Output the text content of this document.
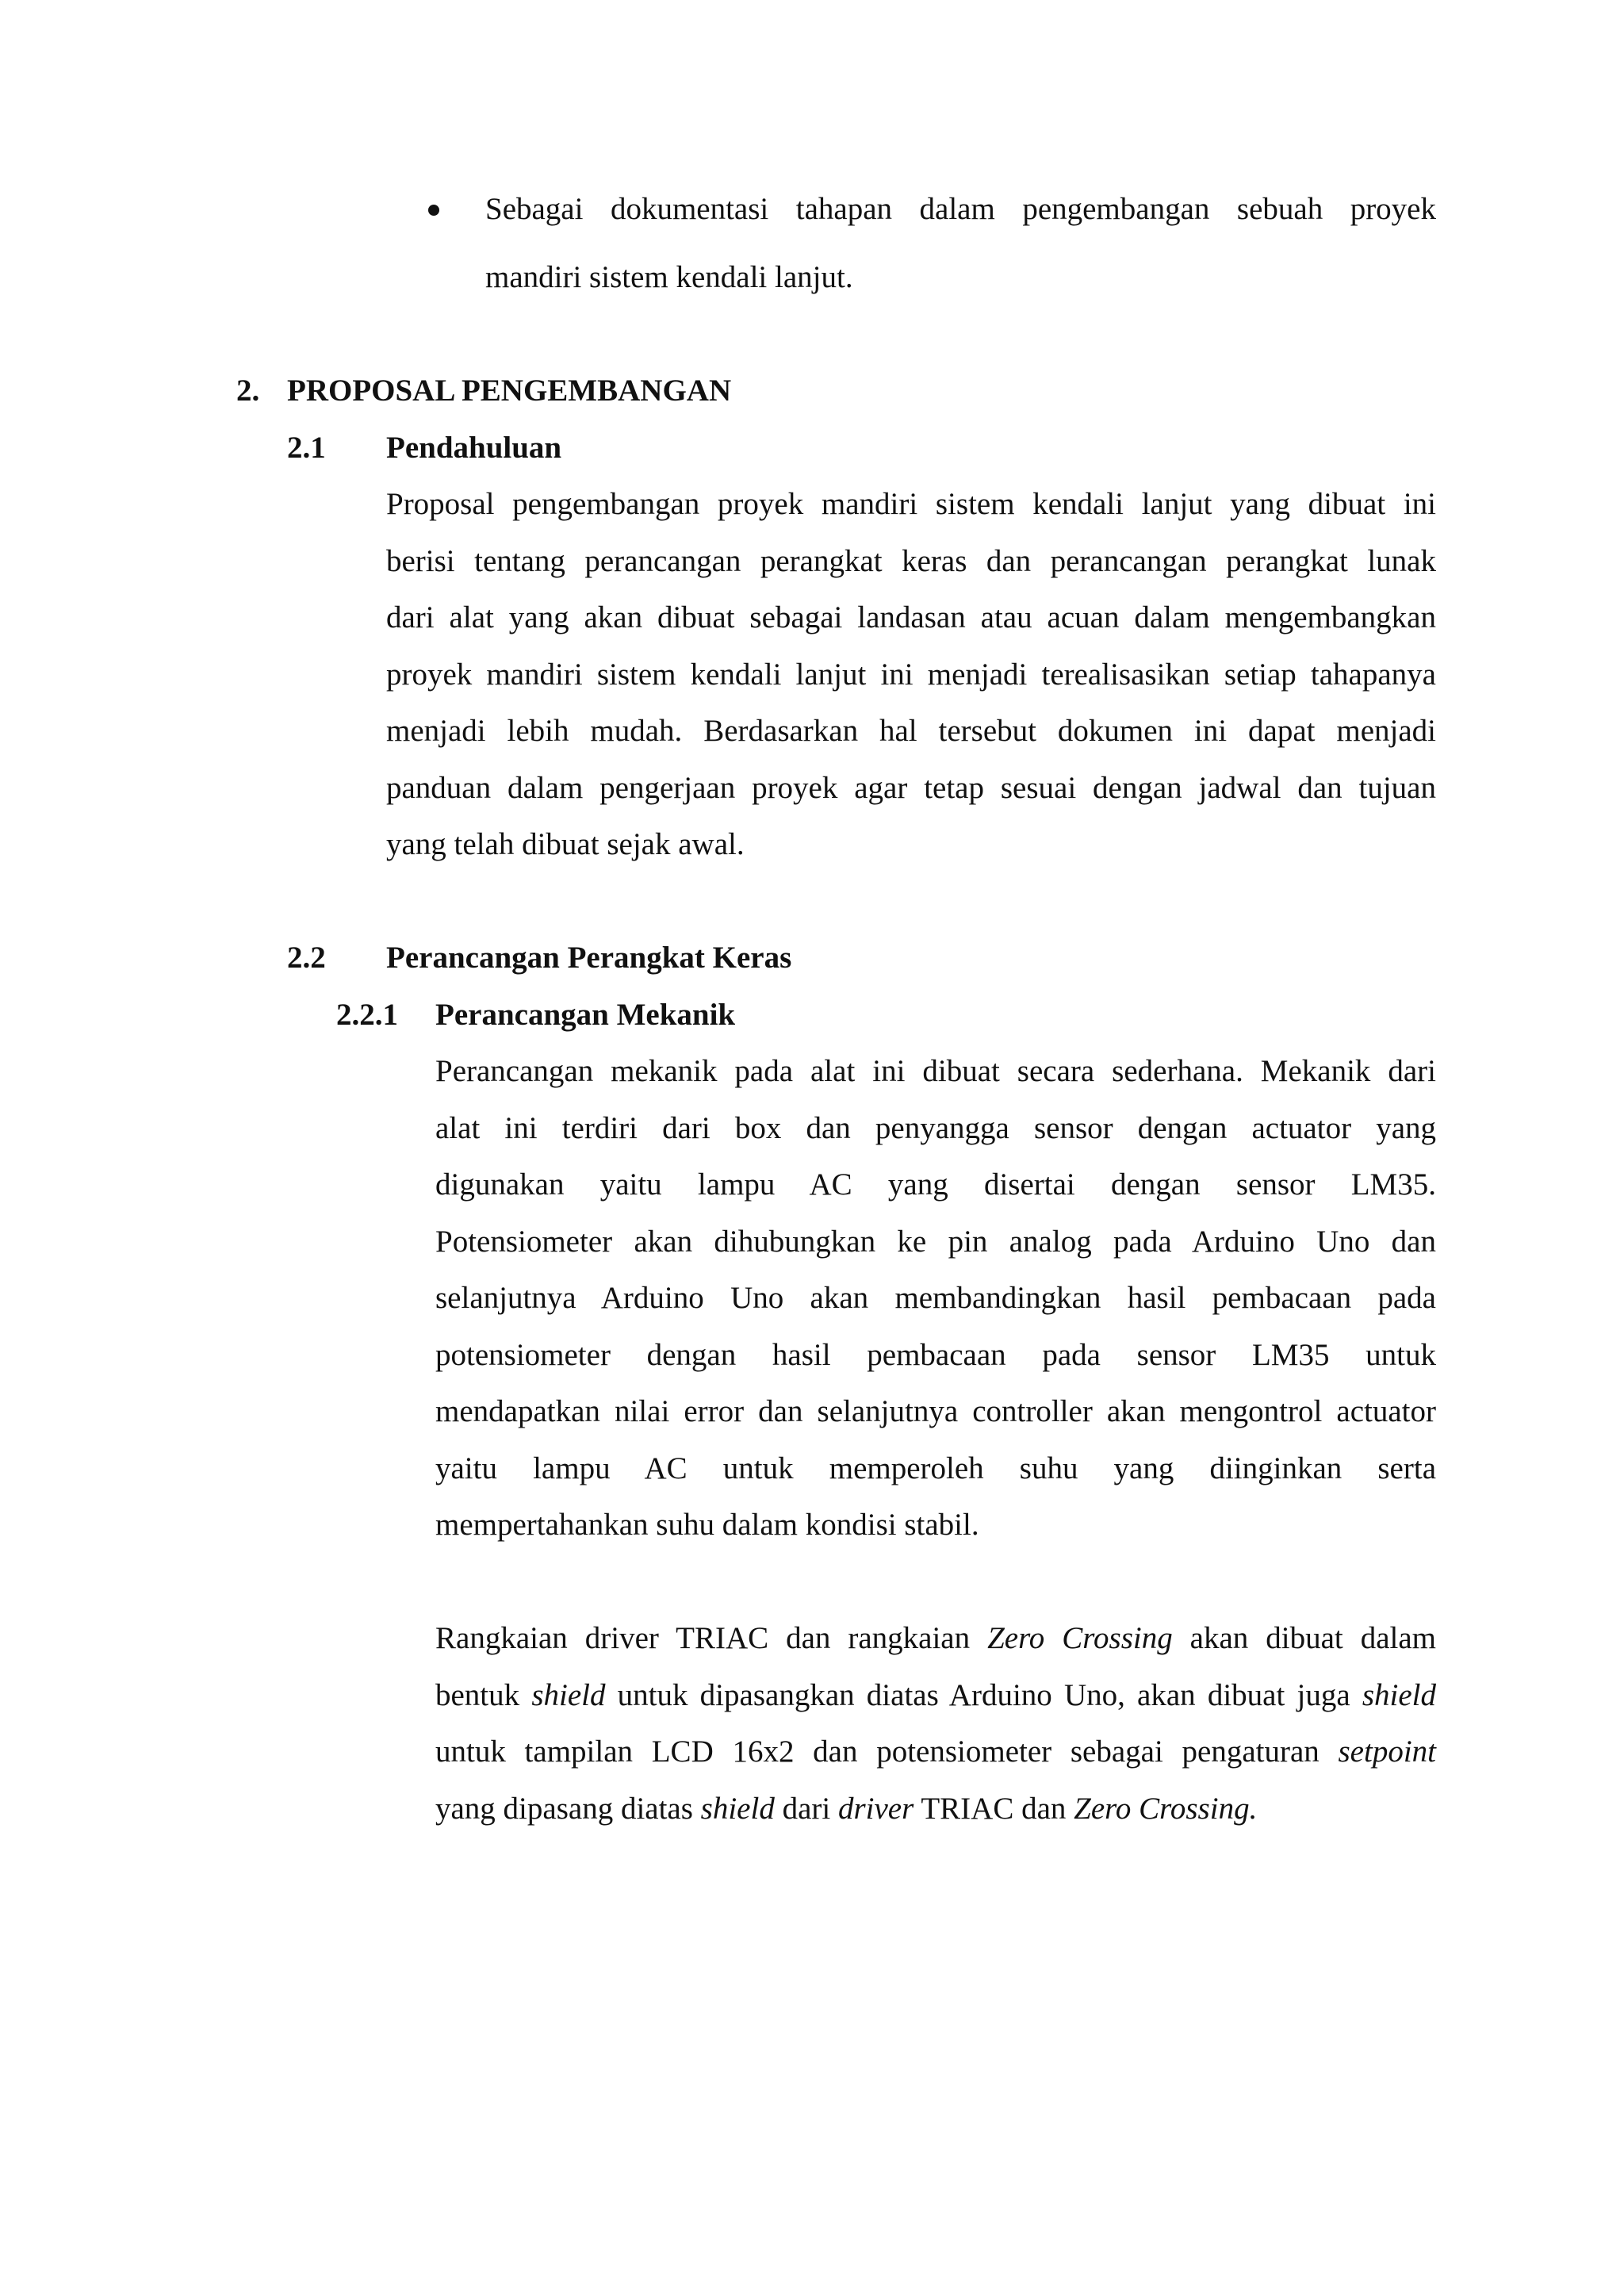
Sebagai dokumentasi tahapan dalam pengembangan sebuah proyek
mandiri sistem kendali lanjut.
2. PROPOSAL PENGEMBANGAN
2.1 Pendahuluan
Proposal pengembangan proyek mandiri sistem kendali lanjut yang dibuat ini
berisi tentang perancangan perangkat keras dan perancangan perangkat lunak
dari alat yang akan dibuat sebagai landasan atau acuan dalam mengembangkan
proyek mandiri sistem kendali lanjut ini menjadi terealisasikan setiap tahapanya
menjadi lebih mudah. Berdasarkan hal tersebut dokumen ini dapat menjadi
panduan dalam pengerjaan proyek agar tetap sesuai dengan jadwal dan tujuan
yang telah dibuat sejak awal.
2.2 Perancangan Perangkat Keras
2.2.1 Perancangan Mekanik
Perancangan mekanik pada alat ini dibuat secara sederhana. Mekanik dari
alat ini terdiri dari box dan penyangga sensor dengan actuator yang
digunakan yaitu lampu AC yang disertai dengan sensor LM35.
Potensiometer akan dihubungkan ke pin analog pada Arduino Uno dan
selanjutnya Arduino Uno akan membandingkan hasil pembacaan pada
potensiometer dengan hasil pembacaan pada sensor LM35 untuk
mendapatkan nilai error dan selanjutnya controller akan mengontrol actuator
yaitu lampu AC untuk memperoleh suhu yang diinginkan serta
mempertahankan suhu dalam kondisi stabil.
Rangkaian driver TRIAC dan rangkaian Zero Crossing akan dibuat dalam
bentuk shield untuk dipasangkan diatas Arduino Uno, akan dibuat juga shield
untuk tampilan LCD 16x2 dan potensiometer sebagai pengaturan setpoint
yang dipasang diatas shield dari driver TRIAC dan Zero Crossing.
